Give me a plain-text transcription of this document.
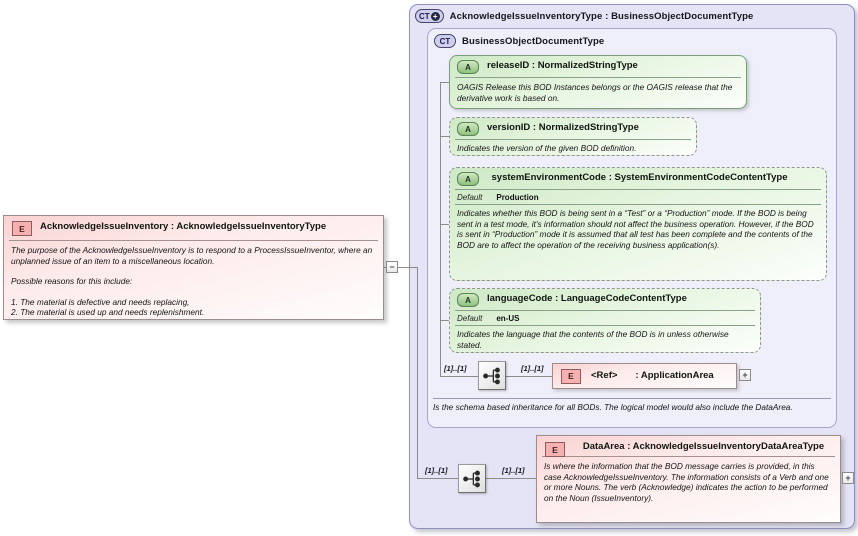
CT + AcknowledgeIssueInventoryType : BusinessObjectDocumentType
CT BusinessObjectDocumentType
E	AcknowledgeIssueInventory : AcknowledgeIssueInventoryType
The purpose of the AcknowledgeIssueInventory is to respond to a ProcessIssueInventor, where an unplanned issue of an item to a miscellaneous location.
Possible reasons for this include:
1. The material is defective and needs replacing,
2. The material is used up and needs replenishment.
−
A	releaseID : NormalizedStringType
OAGIS Release this BOD Instances belongs or the OAGIS release that the derivative work is based on.
A	versionID : NormalizedStringType
Indicates the version of the given BOD definition.
A	systemEnvironmentCode : SystemEnvironmentCodeContentType
Default Production
Indicates whether this BOD is being sent in a “Test” or a “Production” mode. If the BOD is being sent in a test mode, it's information should not affect the business operation. However, if the BOD is sent in “Production” mode it is assumed that all test has been complete and the contents of the BOD are to affect the operation of the receiving business application(s).
A	languageCode : LanguageCodeContentType
Default en-US
Indicates the language that the contents of the BOD is in unless otherwise stated.
[1]..[1]	[1]..[1]
E	<Ref> : ApplicationArea	+
Is the schema based inheritance for all BODs. The logical model would also include the DataArea.
[1]..[1]	[1]..[1]
E	DataArea : AcknowledgeIssueInventoryDataAreaType
Is where the information that the BOD message carries is provided, in this case AcknowledgeIssueInventory. The information consists of a Verb and one or more Nouns. The verb (Acknowledge) indicates the action to be performed on the Noun (IssueInventory).
+
